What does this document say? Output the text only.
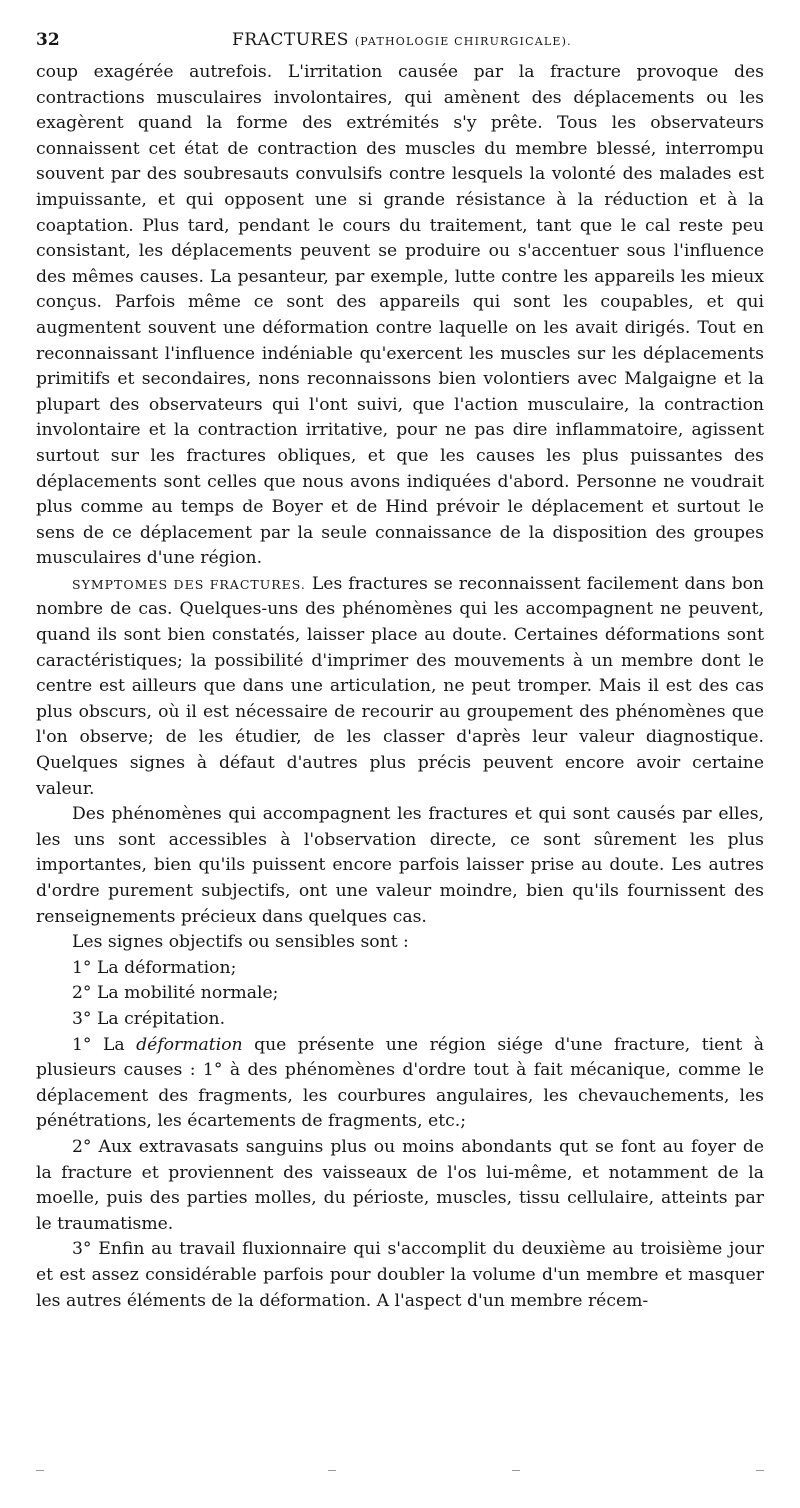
32	FRACTURES (PATHOLOGIE CHIRURGICALE).

coup exagérée autrefois. L'irritation causée par la fracture provoque des contractions musculaires involontaires, qui amènent des déplacements ou les exagèrent quand la forme des extrémités s'y prête. Tous les observateurs connaissent cet état de contraction des muscles du membre blessé, interrompu souvent par des soubresauts convulsifs contre lesquels la volonté des malades est impuissante, et qui opposent une si grande résistance à la réduction et à la coaptation. Plus tard, pendant le cours du traitement, tant que le cal reste peu consistant, les déplacements peuvent se produire ou s'accentuer sous l'influence des mêmes causes. La pesanteur, par exemple, lutte contre les appareils les mieux conçus. Parfois même ce sont des appareils qui sont les coupables, et qui augmentent souvent une déformation contre laquelle on les avait dirigés. Tout en reconnaissant l'influence indéniable qu'exercent les muscles sur les déplacements primitifs et secondaires, nons reconnaissons bien volontiers avec Malgaigne et la plupart des observateurs qui l'ont suivi, que l'action musculaire, la contraction involontaire et la contraction irritative, pour ne pas dire inflammatoire, agissent surtout sur les fractures obliques, et que les causes les plus puissantes des déplacements sont celles que nous avons indiquées d'abord. Personne ne voudrait plus comme au temps de Boyer et de Hind prévoir le déplacement et surtout le sens de ce déplacement par la seule connaissance de la disposition des groupes musculaires d'une région.

SYMPTOMES DES FRACTURES. Les fractures se reconnaissent facilement dans bon nombre de cas. Quelques-uns des phénomènes qui les accompagnent ne peuvent, quand ils sont bien constatés, laisser place au doute. Certaines déformations sont caractéristiques; la possibilité d'imprimer des mouvements à un membre dont le centre est ailleurs que dans une articulation, ne peut tromper. Mais il est des cas plus obscurs, où il est nécessaire de recourir au groupement des phénomènes que l'on observe; de les étudier, de les classer d'après leur valeur diagnostique. Quelques signes à défaut d'autres plus précis peuvent encore avoir certaine valeur.

Des phénomènes qui accompagnent les fractures et qui sont causés par elles, les uns sont accessibles à l'observation directe, ce sont sûrement les plus importantes, bien qu'ils puissent encore parfois laisser prise au doute. Les autres d'ordre purement subjectifs, ont une valeur moindre, bien qu'ils fournissent des renseignements précieux dans quelques cas.

Les signes objectifs ou sensibles sont :

1° La déformation;

2° La mobilité normale;

3° La crépitation.

1° La déformation que présente une région siége d'une fracture, tient à plusieurs causes : 1° à des phénomènes d'ordre tout à fait mécanique, comme le déplacement des fragments, les courbures angulaires, les chevauchements, les pénétrations, les écartements de fragments, etc.;

2° Aux extravasats sanguins plus ou moins abondants qut se font au foyer de la fracture et proviennent des vaisseaux de l'os lui-même, et notamment de la moelle, puis des parties molles, du périoste, muscles, tissu cellulaire, atteints par le traumatisme.

3° Enfin au travail fluxionnaire qui s'accomplit du deuxième au troisième jour et est assez considérable parfois pour doubler la volume d'un membre et masquer les autres éléments de la déformation. A l'aspect d'un membre récem-
